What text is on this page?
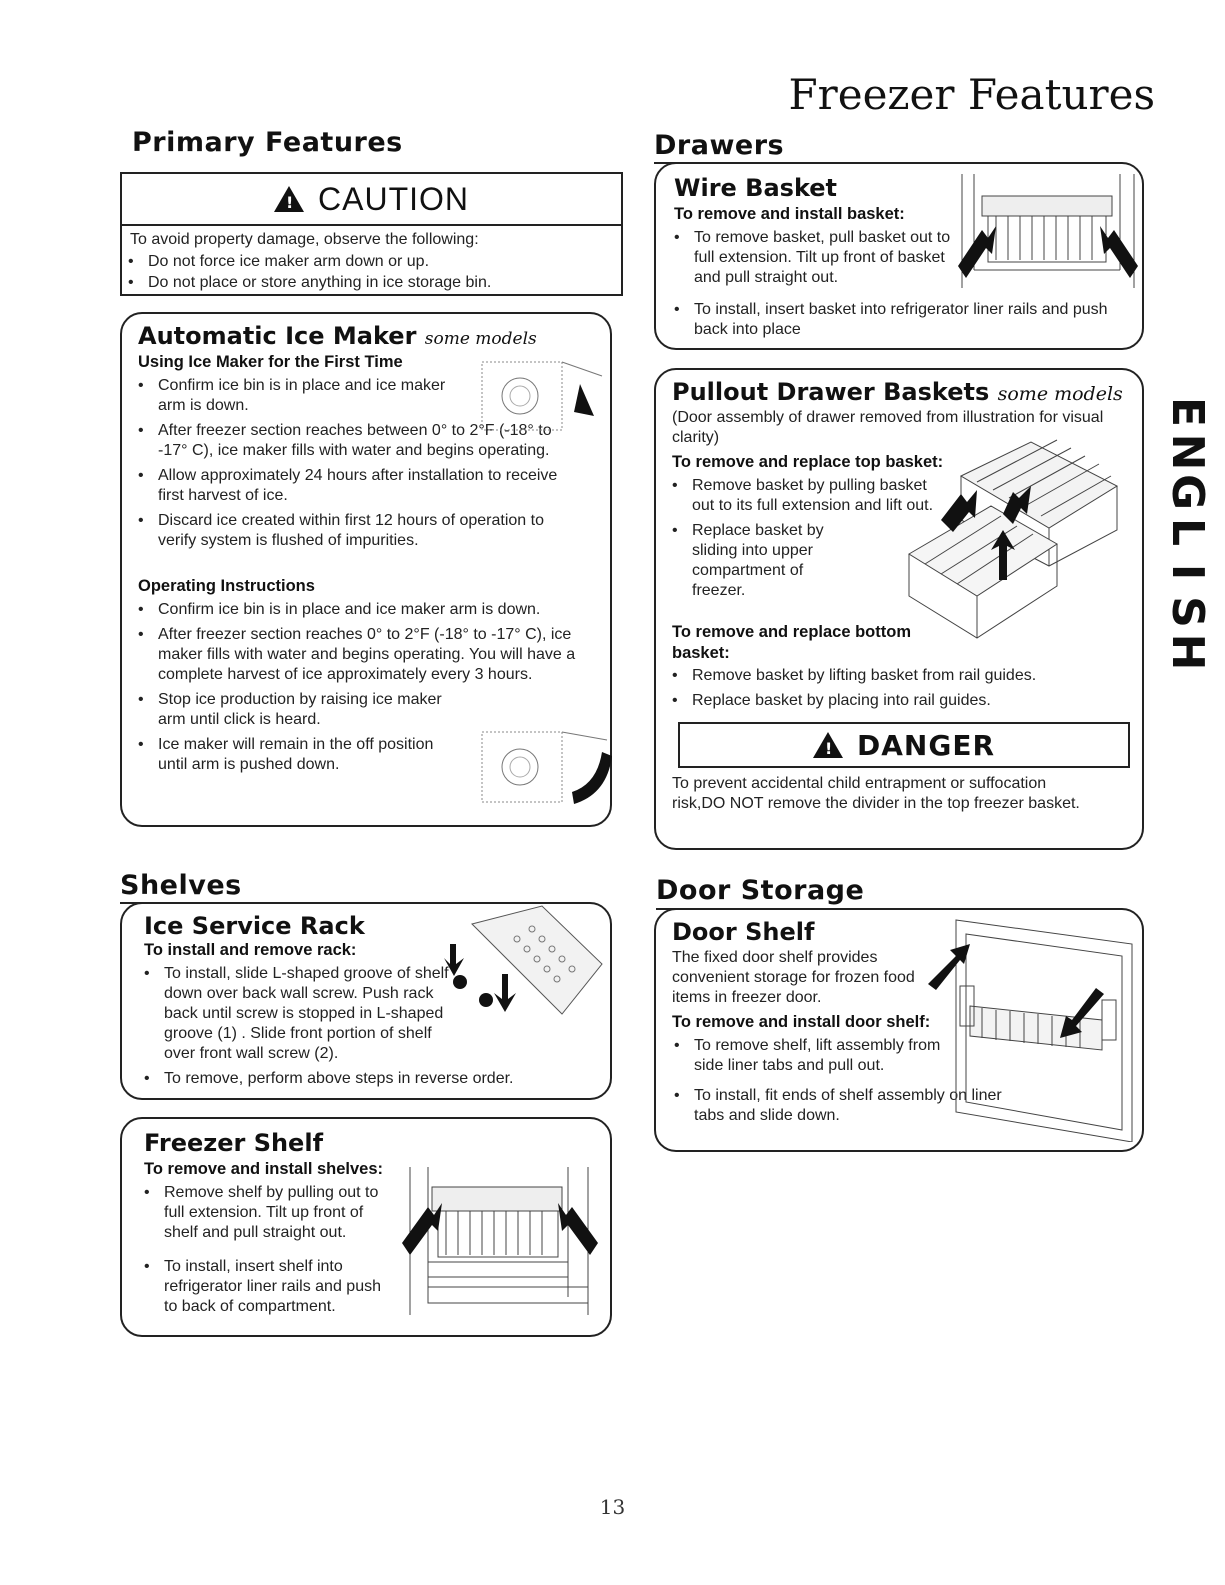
Freezer Features
Primary Features
! CAUTION
To avoid property damage, observe the following:
• Do not force ice maker arm down or up.
• Do not place or store anything in ice storage bin.
Automatic Ice Maker some models
Using Ice Maker for the First Time
• Confirm ice bin is in place and ice maker arm is down.
• After freezer section reaches between 0° to 2°F (-18° to -17° C), ice maker fills with water and begins operating.
• Allow approximately 24 hours after installation to receive first harvest of ice.
• Discard ice created within first 12 hours of operation to verify system is flushed of impurities.
Operating Instructions
• Confirm ice bin is in place and ice maker arm is down.
• After freezer section reaches 0° to 2°F (-18° to -17° C), ice maker fills with water and begins operating. You will have a complete harvest of ice approximately every 3 hours.
• Stop ice production by raising ice maker arm until click is heard.
• Ice maker will remain in the off position until arm is pushed down.
Shelves
Ice Service Rack
To install and remove rack:
• To install, slide L-shaped groove of shelf down over back wall screw. Push rack back until screw is stopped in L-shaped groove (1) . Slide front portion of shelf over front wall screw (2).
• To remove, perform above steps in reverse order.
Freezer Shelf
To remove and install shelves:
• Remove shelf by pulling out to full extension. Tilt up front of shelf and pull straight out.
• To install, insert shelf into refrigerator liner rails and push to back of compartment.
Drawers
Wire Basket
To remove and install basket:
• To remove basket, pull basket out to full extension. Tilt up front of basket and pull straight out.
• To install, insert basket into refrigerator liner rails and push back into place
Pullout Drawer Baskets some models
(Door assembly of drawer removed from illustration for visual clarity)
To remove and replace top basket:
• Remove basket by pulling basket out to its full extension and lift out.
• Replace basket by sliding into upper compartment of freezer.
To remove and replace bottom basket:
• Remove basket by lifting basket from rail guides.
• Replace basket by placing into rail guides.
! DANGER
To prevent accidental child entrapment or suffocation risk,DO NOT remove the divider in the top freezer basket.
Door Storage
Door Shelf
The fixed door shelf provides convenient storage for frozen food items in freezer door.
To remove and install door shelf:
• To remove shelf, lift assembly from side liner tabs and pull out.
• To install, fit ends of shelf assembly on liner tabs and slide down.
E
N
G
L
I
S
H
13
